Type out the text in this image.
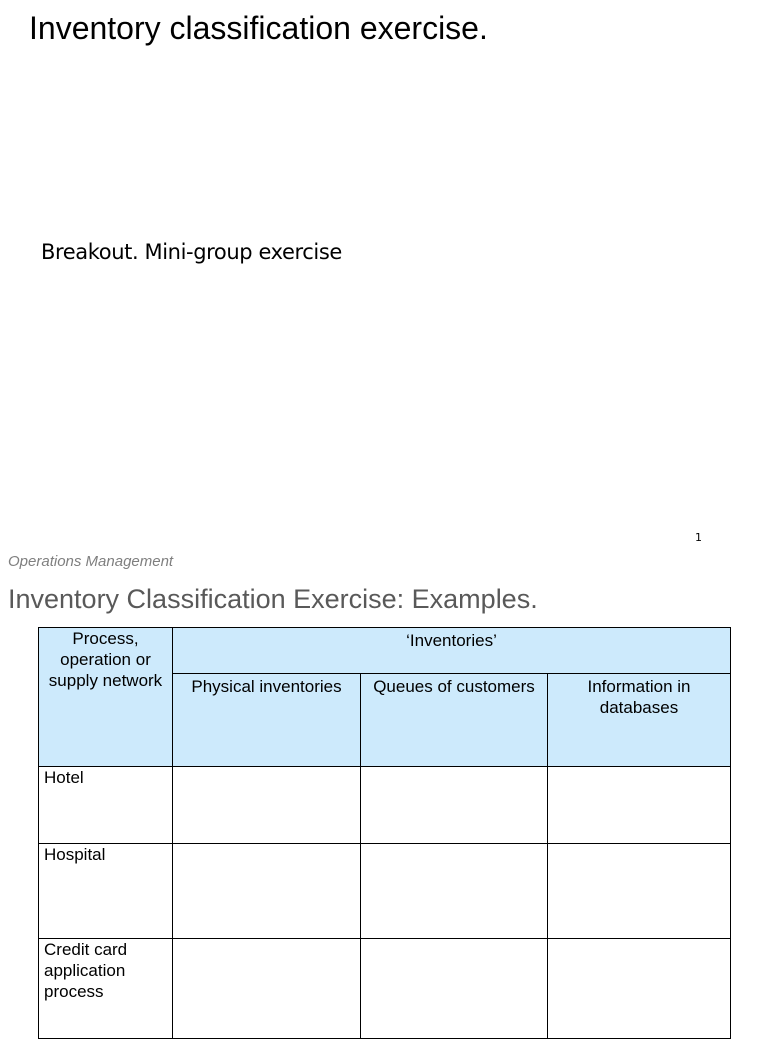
Inventory classification exercise.
Breakout. Mini-group exercise
1
Operations Management
Inventory Classification Exercise: Examples.
Process, operation or supply network	‘Inventories’		
	Physical inventories	Queues of customers	Information in databases
Hotel			
Hospital			
Credit card application process			
